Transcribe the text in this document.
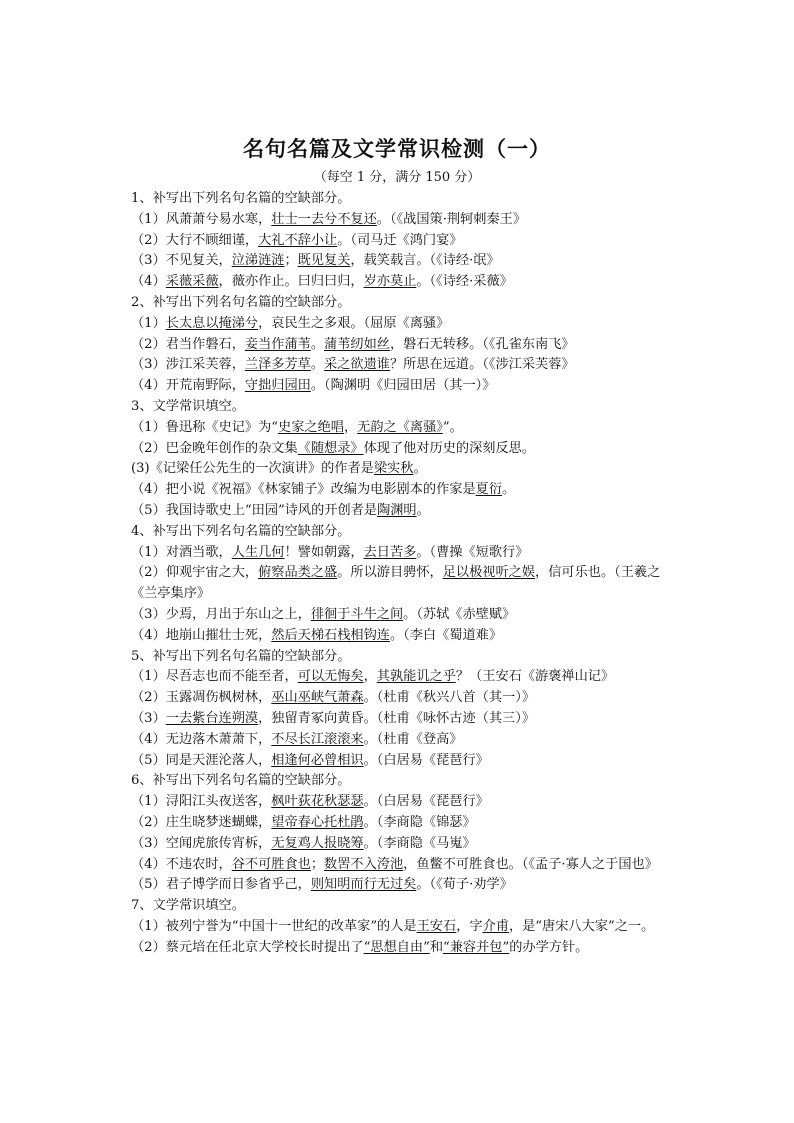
名句名篇及文学常识检测（一）
（每空 1 分，满分 150 分）
1、补写出下列名句名篇的空缺部分。
（1）风萧萧兮易水寒，壮士一去兮不复还。（《战国策·荆轲刺秦王》
（2）大行不顾细谨，大礼不辞小让。（司马迁《鸿门宴》
（3）不见复关，泣涕涟涟；既见复关，载笑载言。（《诗经·氓》
（4）采薇采薇，薇亦作止。曰归曰归，岁亦莫止。（《诗经·采薇》
2、补写出下列名句名篇的空缺部分。
（1）长太息以掩涕兮，哀民生之多艰。（屈原《离骚》
（2）君当作磐石，妾当作蒲苇。蒲苇纫如丝，磐石无转移。（《孔雀东南飞》
（3）涉江采芙蓉，兰泽多芳草。采之欲遗谁？所思在远道。（《涉江采芙蓉》
（4）开荒南野际，守拙归园田。（陶渊明《归园田居（其一）》
3、文学常识填空。
（1）鲁迅称《史记》为“史家之绝唱，无韵之《离骚》”。
（2）巴金晚年创作的杂文集《随想录》体现了他对历史的深刻反思。
(3)《记梁任公先生的一次演讲》的作者是梁实秋。
（4）把小说《祝福》《林家铺子》改编为电影剧本的作家是夏衍。
（5）我国诗歌史上“田园”诗风的开创者是陶渊明。
4、补写出下列名句名篇的空缺部分。
（1）对酒当歌，人生几何！譬如朝露，去日苦多。（曹操《短歌行》
（2）仰观宇宙之大，俯察品类之盛。所以游目骋怀，足以极视听之娱，信可乐也。（王羲之《兰亭集序》
（3）少焉，月出于东山之上，徘徊于斗牛之间。（苏轼《赤壁赋》
（4）地崩山摧壮士死，然后天梯石栈相钩连。（李白《蜀道难》
5、补写出下列名句名篇的空缺部分。
（1）尽吾志也而不能至者，可以无悔矣，其孰能讥之乎？（王安石《游褒禅山记》
（2）玉露凋伤枫树林，巫山巫峡气萧森。（杜甫《秋兴八首（其一）》
（3）一去紫台连朔漠，独留青冢向黄昏。（杜甫《咏怀古迹（其三）》
（4）无边落木萧萧下，不尽长江滚滚来。（杜甫《登高》
（5）同是天涯沦落人，相逢何必曾相识。（白居易《琵琶行》
6、补写出下列名句名篇的空缺部分。
（1）浔阳江头夜送客，枫叶荻花秋瑟瑟。（白居易《琵琶行》
（2）庄生晓梦迷蝴蝶，望帝春心托杜鹃。（李商隐《锦瑟》
（3）空闻虎旅传宵柝，无复鸡人报晓筹。（李商隐《马嵬》
（4）不违农时，谷不可胜食也；数罟不入洿池，鱼鳖不可胜食也。（《孟子·寡人之于国也》
（5）君子博学而日参省乎己，则知明而行无过矣。（《荀子·劝学》
7、文学常识填空。
（1）被列宁誉为“中国十一世纪的改革家”的人是王安石，字介甫，是“唐宋八大家”之一。
（2）蔡元培在任北京大学校长时提出了“思想自由”和“兼容并包”的办学方针。
